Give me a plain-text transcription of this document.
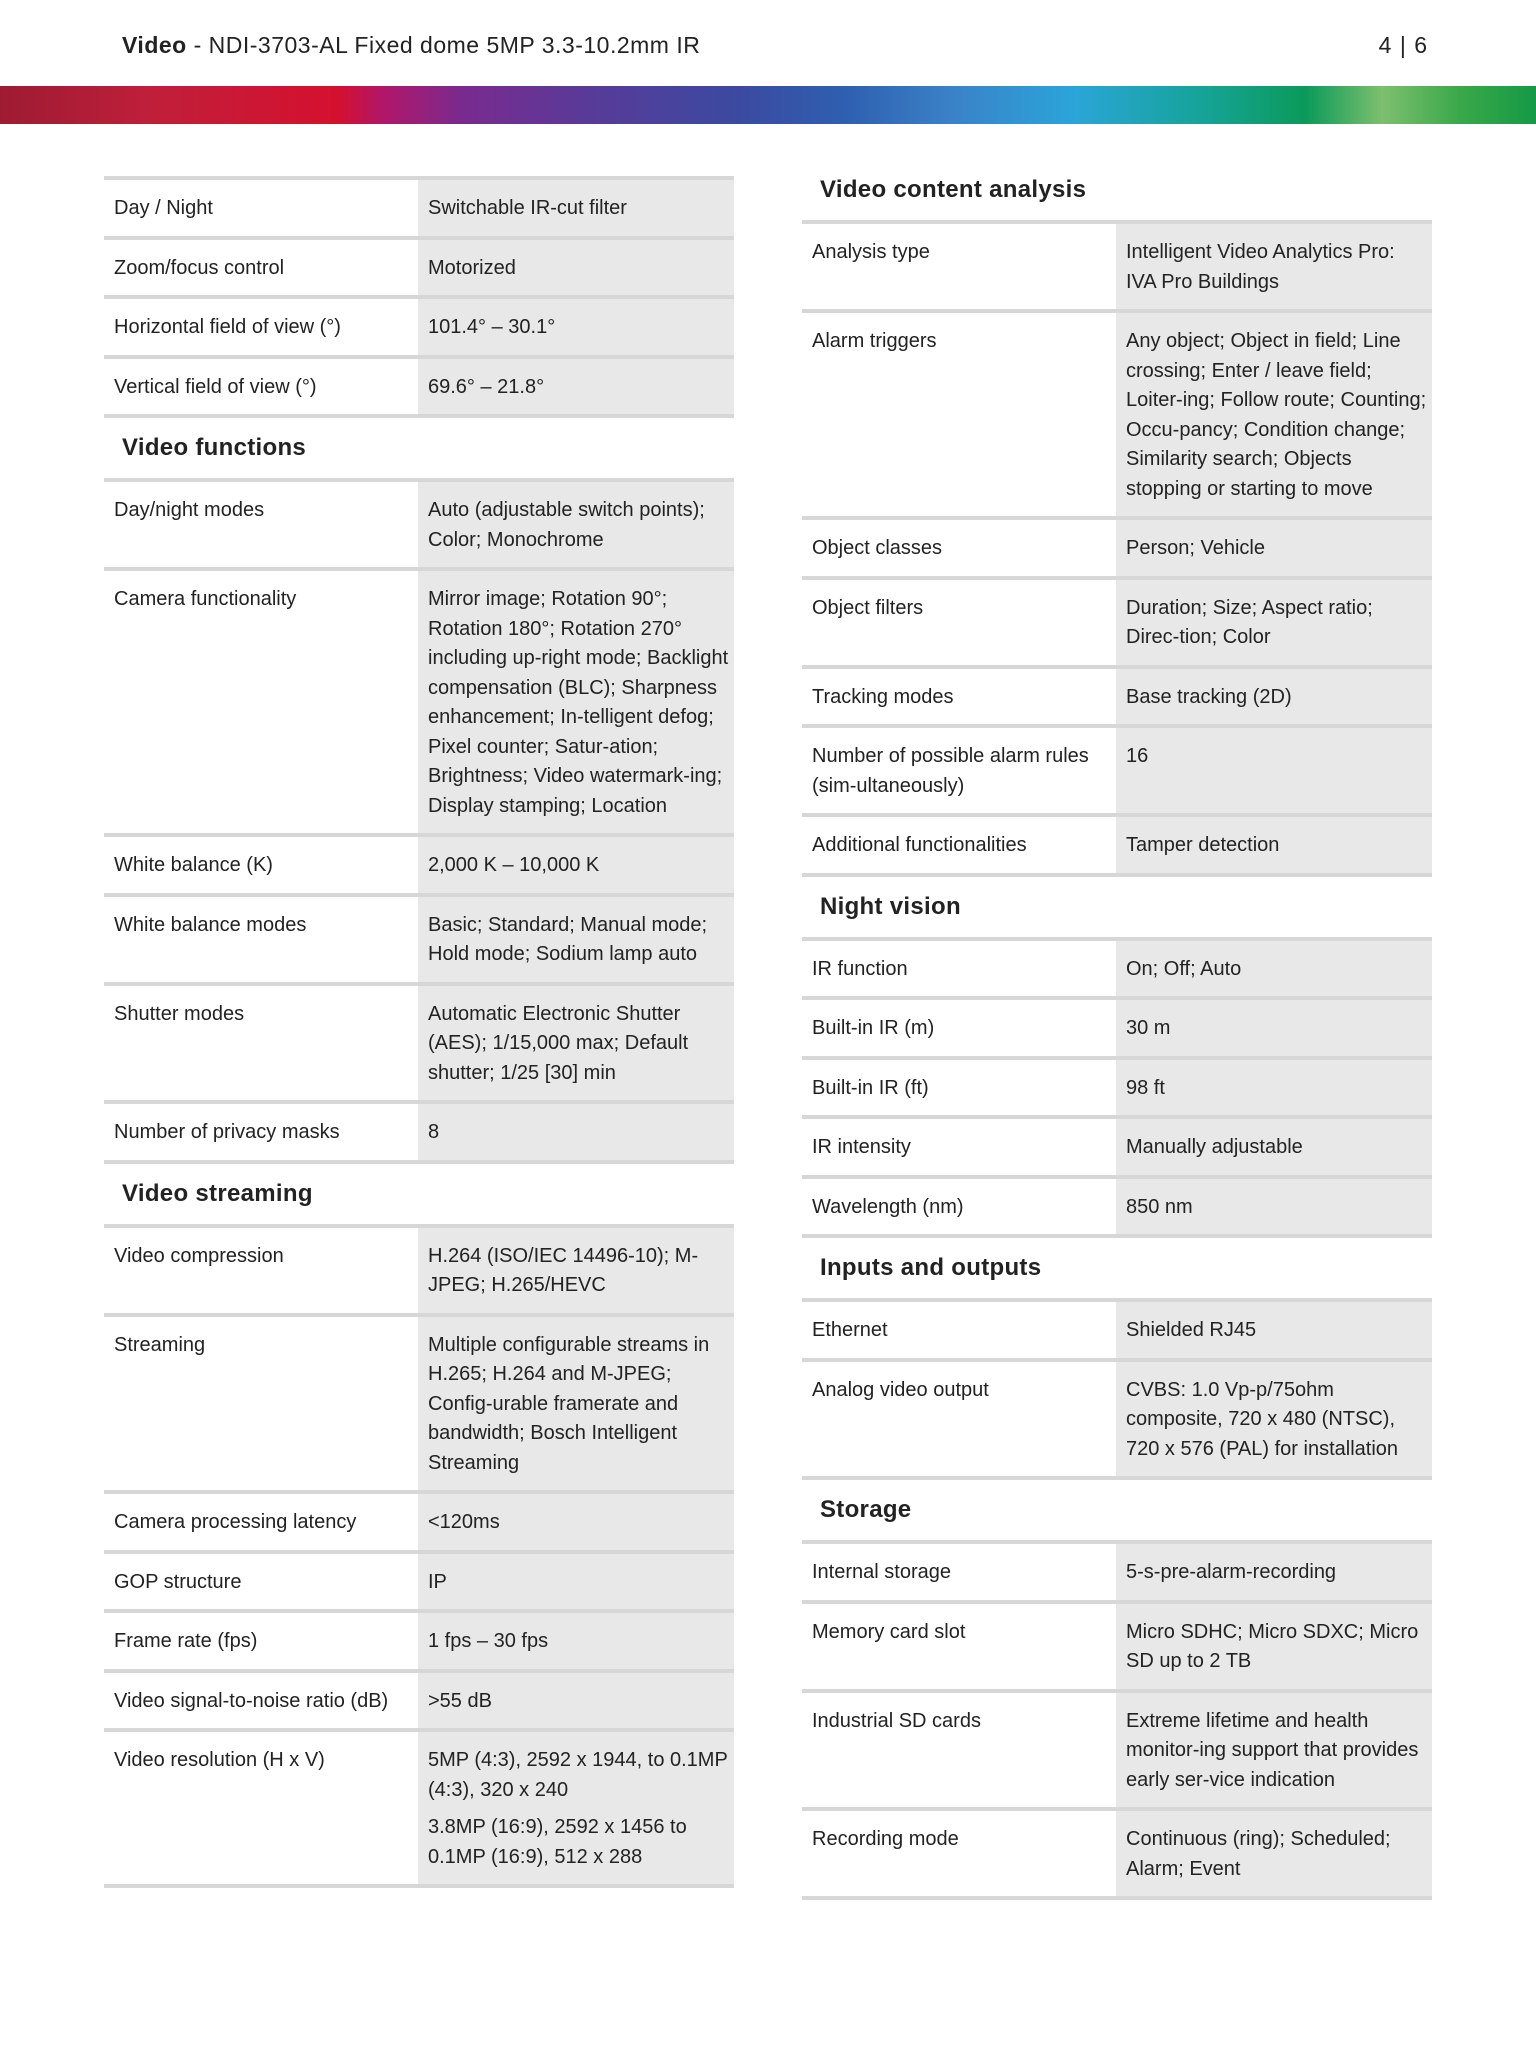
Video - NDI-3703-AL Fixed dome 5MP 3.3-10.2mm IR	4 | 6
Day / Night	Switchable IR-cut filter
Zoom/focus control	Motorized
Horizontal field of view (°)	101.4° – 30.1°
Vertical field of view (°)	69.6° – 21.8°
Video functions
Day/night modes	Auto (adjustable switch points); Color; Monochrome
Camera functionality	Mirror image; Rotation 90°; Rotation 180°; Rotation 270° including up-right mode; Backlight compensation (BLC); Sharpness enhancement; In-telligent defog; Pixel counter; Satur-ation; Brightness; Video watermark-ing; Display stamping; Location
White balance (K)	2,000 K – 10,000 K
White balance modes	Basic; Standard; Manual mode; Hold mode; Sodium lamp auto
Shutter modes	Automatic Electronic Shutter (AES); 1/15,000 max; Default shutter; 1/25 [30] min
Number of privacy masks	8
Video streaming
Video compression	H.264 (ISO/IEC 14496-10); M-JPEG; H.265/HEVC
Streaming	Multiple configurable streams in H.265; H.264 and M-JPEG; Config-urable framerate and bandwidth; Bosch Intelligent Streaming
Camera processing latency	<120ms
GOP structure	IP
Frame rate (fps)	1 fps – 30 fps
Video signal-to-noise ratio (dB)	>55 dB
Video resolution (H x V)	5MP (4:3), 2592 x 1944, to 0.1MP (4:3), 320 x 240
3.8MP (16:9), 2592 x 1456 to 0.1MP (16:9), 512 x 288
Video content analysis
Analysis type	Intelligent Video Analytics Pro: IVA Pro Buildings
Alarm triggers	Any object; Object in field; Line crossing; Enter / leave field; Loiter-ing; Follow route; Counting; Occu-pancy; Condition change; Similarity search; Objects stopping or starting to move
Object classes	Person; Vehicle
Object filters	Duration; Size; Aspect ratio; Direc-tion; Color
Tracking modes	Base tracking (2D)
Number of possible alarm rules (sim-ultaneously)	16
Additional functionalities	Tamper detection
Night vision
IR function	On; Off; Auto
Built-in IR (m)	30 m
Built-in IR (ft)	98 ft
IR intensity	Manually adjustable
Wavelength (nm)	850 nm
Inputs and outputs
Ethernet	Shielded RJ45
Analog video output	CVBS: 1.0 Vp-p/75ohm composite, 720 x 480 (NTSC), 720 x 576 (PAL) for installation
Storage
Internal storage	5-s-pre-alarm-recording
Memory card slot	Micro SDHC; Micro SDXC; Micro SD up to 2 TB
Industrial SD cards	Extreme lifetime and health monitor-ing support that provides early ser-vice indication
Recording mode	Continuous (ring); Scheduled; Alarm; Event
